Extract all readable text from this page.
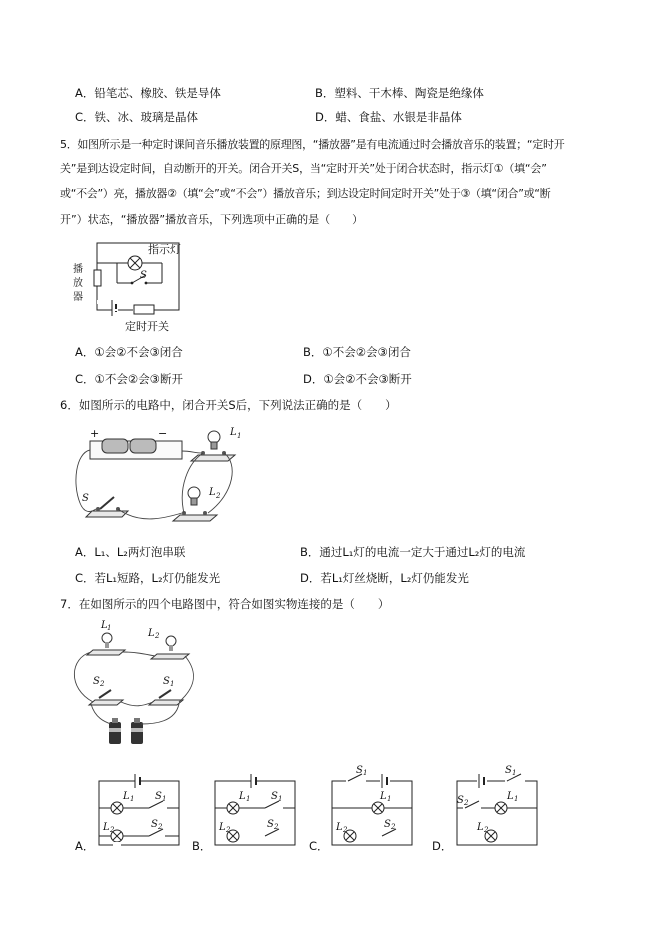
A．铅笔芯、橡胶、铁是导体	B．塑料、干木棒、陶瓷是绝缘体
C．铁、冰、玻璃是晶体	D．蜡、食盐、水银是非晶体
5．如图所示是一种定时课间音乐播放装置的原理图，“播放器”是有电流通过时会播放音乐的装置；“定时开
关”是到达设定时间，自动断开的开关。闭合开关S，当“定时开关”处于闭合状态时，指示灯①（填“会”
或“不会”）亮，播放器②（填“会”或“不会”）播放音乐；到达设定时间定时开关”处于③（填“闭合”或“断
开”）状态，“播放器”播放音乐，下列选项中正确的是（　　）
指示灯
S
定时开关
播放器
A．①会②不会③闭合	B．①不会②会③闭合
C．①不会②会③断开	D．①会②不会③断开
6．如图所示的电路中，闭合开关S后，下列说法正确的是（　　）
+	−	L 1
L 2
S
A．L₁、L₂两灯泡串联	B．通过L₁灯的电流一定大于通过L₂灯的电流
C．若L₁短路，L₂灯仍能发光	D．若L₁灯丝烧断，L₂灯仍能发光
7．在如图所示的四个电路图中，符合如图实物连接的是（　　）
L 1	L 2
S 2	S 1
L 1 S 1
L 2	S 2
A．
L 1 S 1
L 2	S 2
B．
S 1
L 1
L 2	S 2
C．
S 1
S 2
L 1
L 2
D．
